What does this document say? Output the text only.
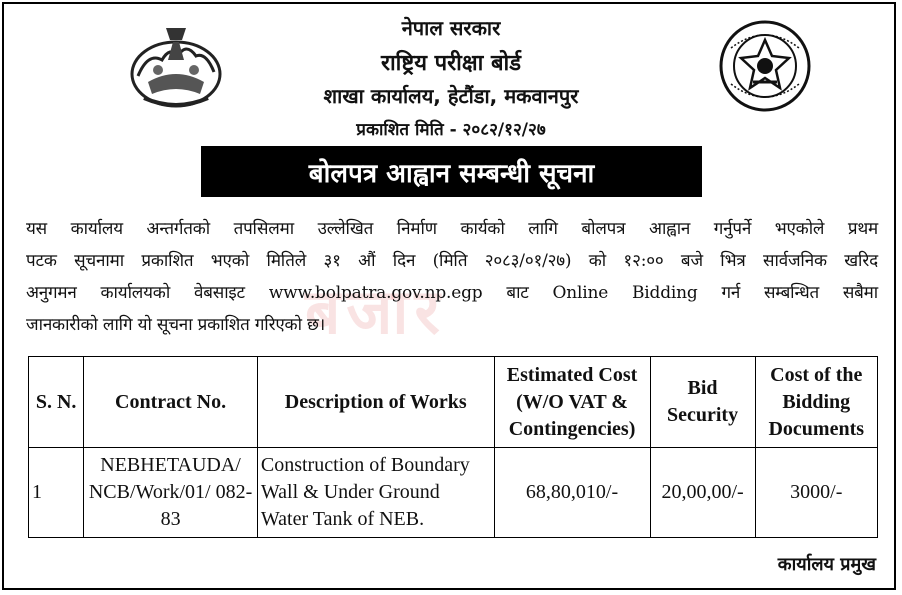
नेपाल सरकार
राष्ट्रिय परीक्षा बोर्ड
शाखा कार्यालय, हेटौंडा, मकवानपुर
प्रकाशित मिति - २०८२/१२/२७
बोलपत्र आह्वान सम्बन्धी सूचना
बजार
यस कार्यालय अन्तर्गतको तपसिलमा उल्लेखित निर्माण कार्यको लागि बोलपत्र आह्वान गर्नुपर्ने भएकोले प्रथम
पटक सूचनामा प्रकाशित भएको मितिले ३१ औं दिन (मिति २०८३/०१/२७) को १२:०० बजे भित्र सार्वजनिक खरिद
अनुगमन कार्यालयको वेबसाइट www.bolpatra.gov.np.egp बाट Online Bidding गर्न सम्बन्धित सबैमा
जानकारीको लागि यो सूचना प्रकाशित गरिएको छ।
S. N.	Contract No.	Description of Works	Estimated Cost (W/O VAT & Contingencies)	Bid Security	Cost of the Bidding Documents
1	NEBHETAUDA/ NCB/Work/01/ 082-83	Construction of Boundary Wall & Under Ground Water Tank of NEB.	68,80,010/-	20,00,00/-	3000/-
कार्यालय प्रमुख
